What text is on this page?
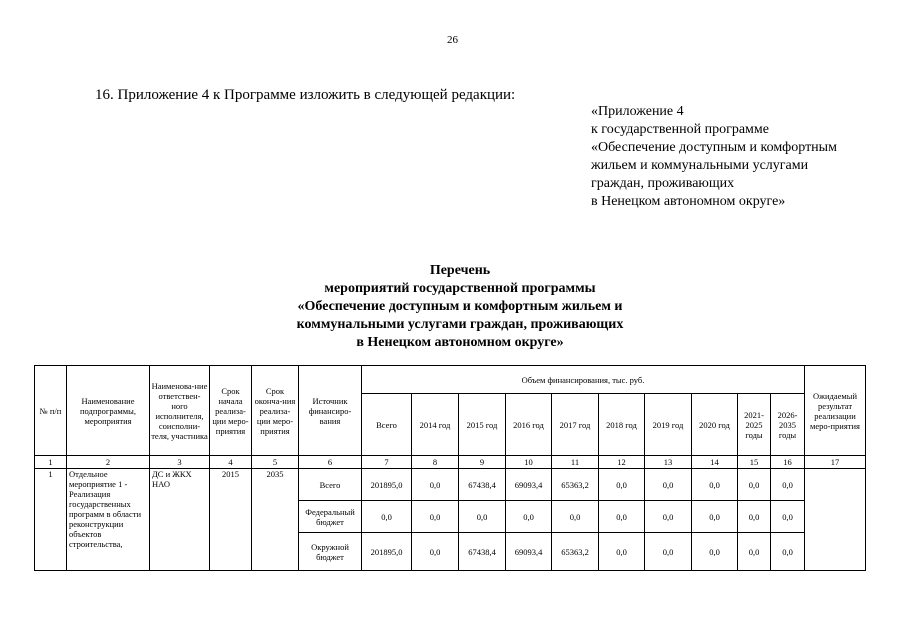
26
16. Приложение 4 к Программе изложить в следующей редакции:
«Приложение 4
к государственной программе
«Обеспечение доступным и комфортным
жильем и коммунальными услугами
граждан, проживающих
в Ненецком автономном округе»
Перечень
мероприятий государственной программы
«Обеспечение доступным и комфортным жильем и
коммунальными услугами граждан, проживающих
в Ненецком автономном округе»
№ п/п	Наименование подпрограммы, мероприятия	Наименова-ние ответствен-ного исполнителя, соисполни-теля, участника	Срок начала реализа-ции меро-приятия	Срок оконча-ния реализа-ции меро-приятия	Источник финансиро-вания	Объем финансирования, тыс. руб.										Ожидаемый результат реализации меро-приятия
						Всего	2014 год	2015 год	2016 год	2017 год	2018 год	2019 год	2020 год	2021-2025 годы	2026-2035 годы	
1	2	3	4	5	6	7	8	9	10	11	12	13	14	15	16	17
1	Отдельное мероприятие 1 - Реализация государственных программ в области реконструкции объектов строительства,	ДС и ЖКХ НАО	2015	2035	Всего	201895,0	0,0	67438,4	69093,4	65363,2	0,0	0,0	0,0	0,0	0,0	
					Федеральный бюджет	0,0	0,0	0,0	0,0	0,0	0,0	0,0	0,0	0,0	0,0	
					Окружной бюджет	201895,0	0,0	67438,4	69093,4	65363,2	0,0	0,0	0,0	0,0	0,0	
